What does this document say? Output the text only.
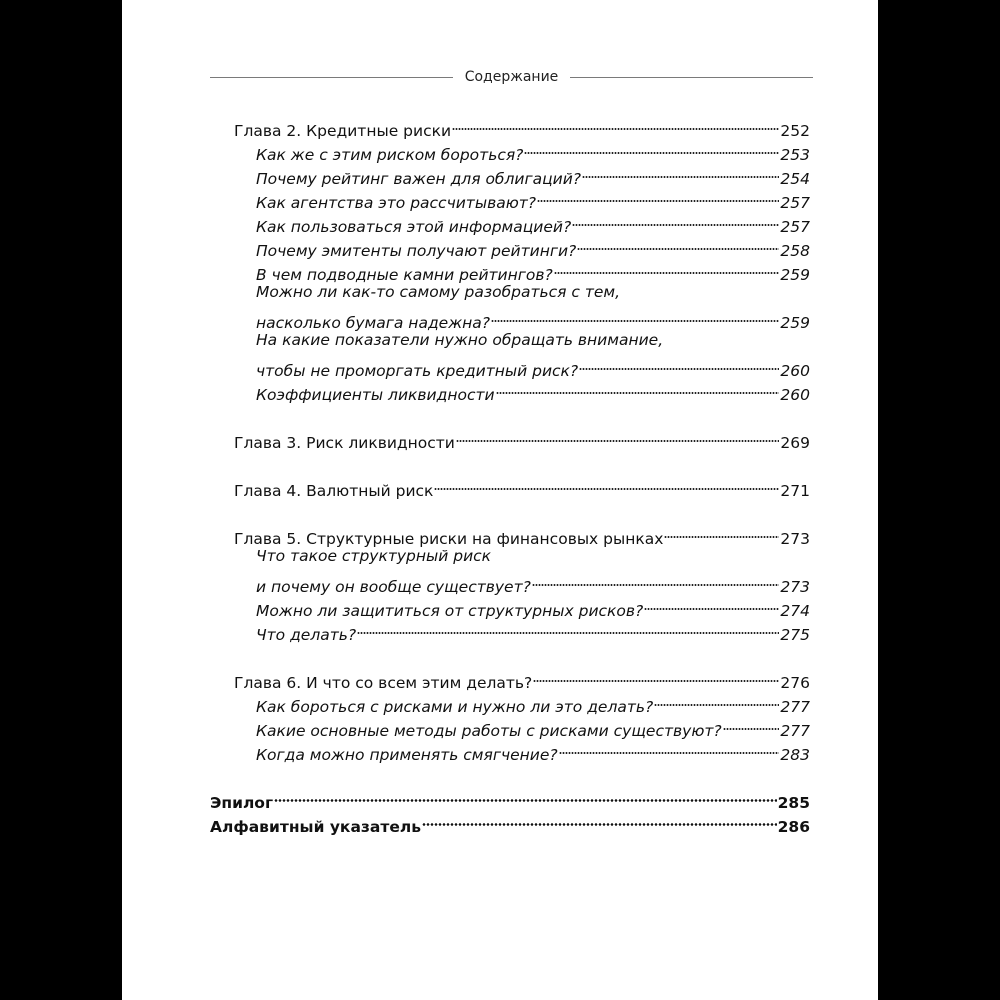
Содержание
Глава 2. Кредитные риски	252
Как же с этим риском бороться?	253
Почему рейтинг важен для облигаций?	254
Как агентства это рассчитывают?	257
Как пользоваться этой информацией?	257
Почему эмитенты получают рейтинги?	258
В чем подводные камни рейтингов?	259
Можно ли как-то самому разобраться с тем,
насколько бумага надежна?	259
На какие показатели нужно обращать внимание,
чтобы не проморгать кредитный риск?	260
Коэффициенты ликвидности	260
Глава 3. Риск ликвидности	269
Глава 4. Валютный риск	271
Глава 5. Структурные риски на финансовых рынках	273
Что такое структурный риск
и почему он вообще существует?	273
Можно ли защититься от структурных рисков?	274
Что делать?	275
Глава 6. И что со всем этим делать?	276
Как бороться с рисками и нужно ли это делать?	277
Какие основные методы работы с рисками существуют?	277
Когда можно применять смягчение?	283
Эпилог	285
Алфавитный указатель	286
